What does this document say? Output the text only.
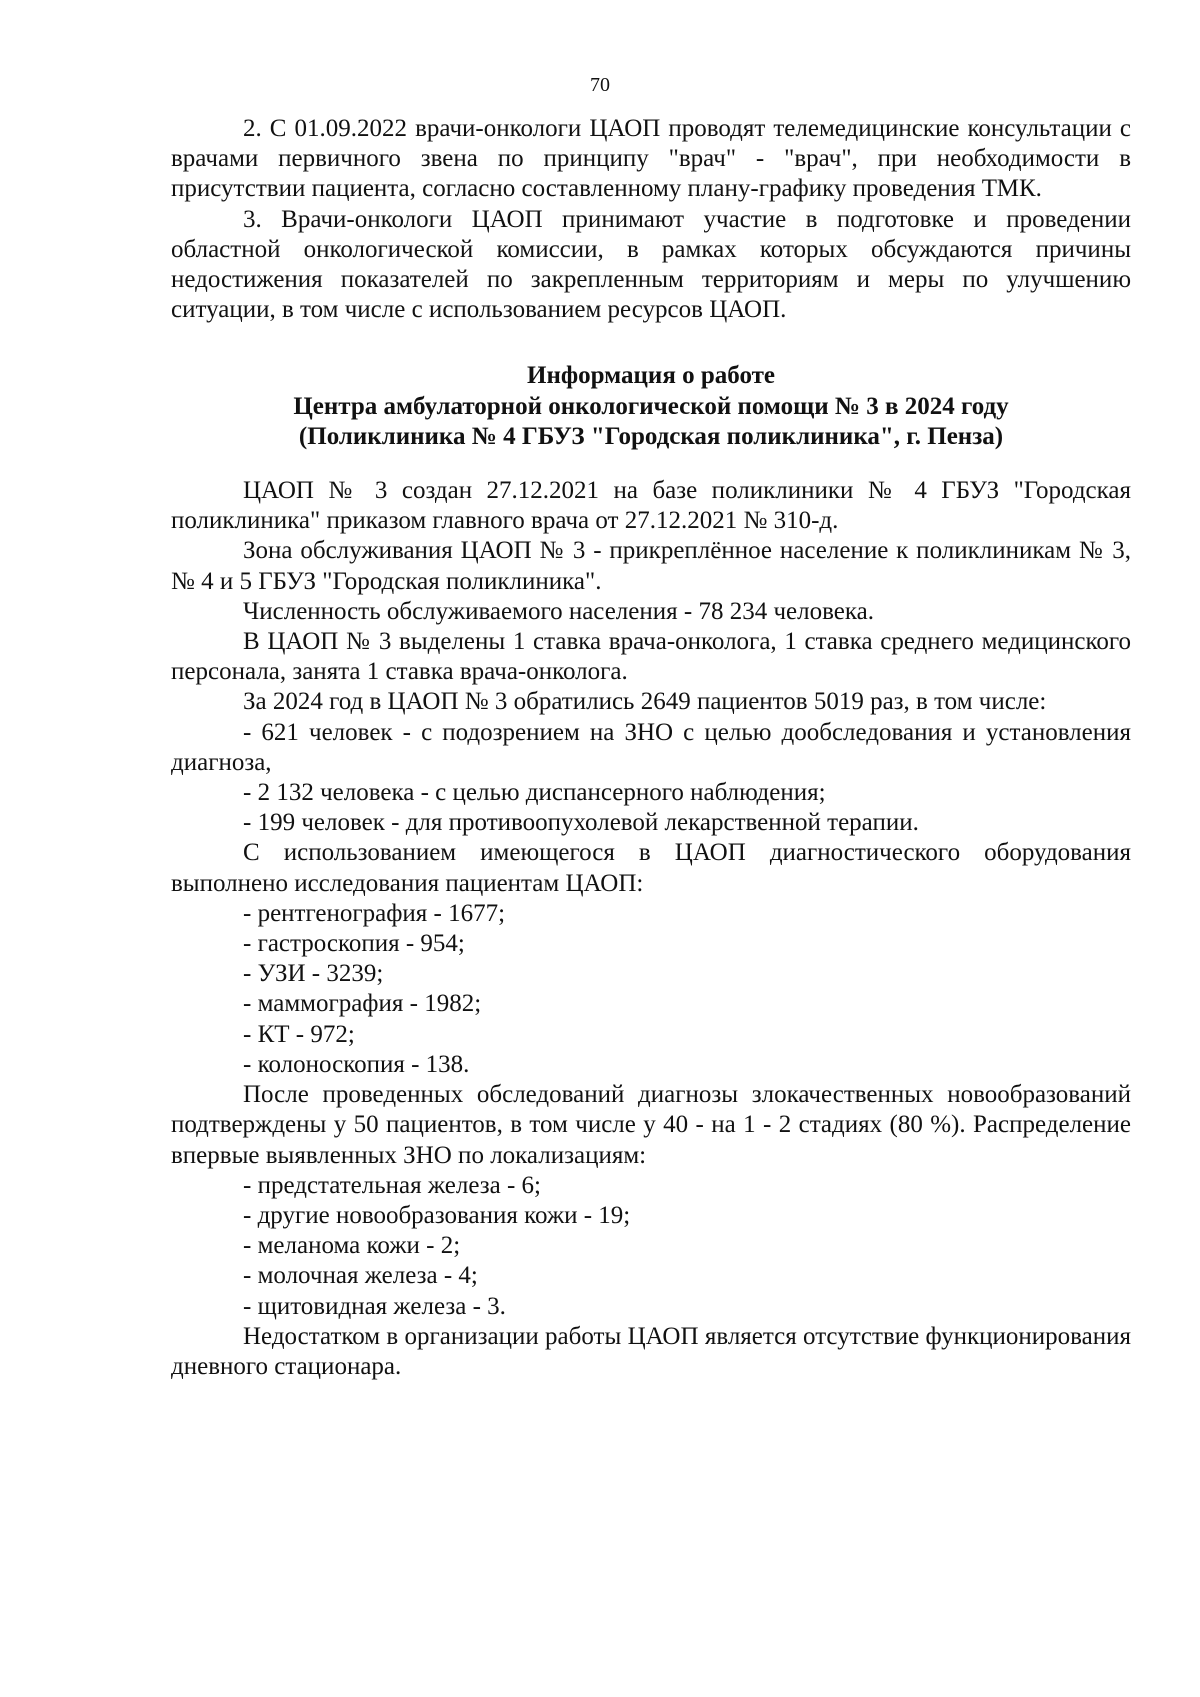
70

2. С 01.09.2022 врачи-онкологи ЦАОП проводят телемедицинские консультации с врачами первичного звена по принципу "врач" - "врач", при необходимости в присутствии пациента, согласно составленному плану-графику проведения ТМК.

3. Врачи-онкологи ЦАОП принимают участие в подготовке и проведении областной онкологической комиссии, в рамках которых обсуждаются причины недостижения показателей по закрепленным территориям и меры по улучшению ситуации, в том числе с использованием ресурсов ЦАОП.

Информация о работе
Центра амбулаторной онкологической помощи № 3 в 2024 году
(Поликлиника № 4 ГБУЗ "Городская поликлиника", г. Пенза)

ЦАОП № 3 создан 27.12.2021 на базе поликлиники № 4 ГБУЗ "Городская поликлиника" приказом главного врача от 27.12.2021 № 310-д.

Зона обслуживания ЦАОП № 3 - прикреплённое население к поликлиникам № 3, № 4 и 5 ГБУЗ "Городская поликлиника".

Численность обслуживаемого населения - 78 234 человека.

В ЦАОП № 3 выделены 1 ставка врача-онколога, 1 ставка среднего медицинского персонала, занята 1 ставка врача-онколога.

За 2024 год в ЦАОП № 3 обратились 2649 пациентов 5019 раз, в том числе:

- 621 человек - с подозрением на ЗНО с целью дообследования и установления диагноза,

- 2 132 человека - с целью диспансерного наблюдения;

- 199 человек - для противоопухолевой лекарственной терапии.

С использованием имеющегося в ЦАОП диагностического оборудования выполнено исследования пациентам ЦАОП:

- рентгенография - 1677;

- гастроскопия - 954;

- УЗИ - 3239;

- маммография - 1982;

- КТ - 972;

- колоноскопия - 138.

После проведенных обследований диагнозы злокачественных новообразований подтверждены у 50 пациентов, в том числе у 40 - на 1 - 2 стадиях (80 %). Распределение впервые выявленных ЗНО по локализациям:

- предстательная железа - 6;

- другие новообразования кожи - 19;

- меланома кожи - 2;

- молочная железа - 4;

- щитовидная железа - 3.

Недостатком в организации работы ЦАОП является отсутствие функционирования дневного стационара.
